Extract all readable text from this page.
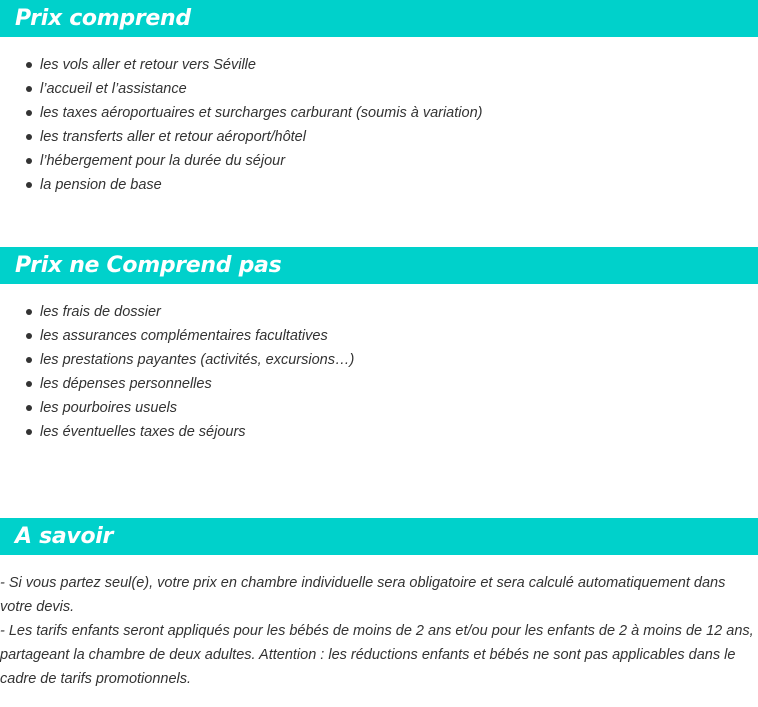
Prix comprend
les vols aller et retour vers Séville
l’accueil et l’assistance
les taxes aéroportuaires et surcharges carburant (soumis à variation)
les transferts aller et retour aéroport/hôtel
l’hébergement pour la durée du séjour
la pension de base
Prix ne Comprend pas
les frais de dossier
les assurances complémentaires facultatives
les prestations payantes (activités, excursions…)
les dépenses personnelles
les pourboires usuels
les éventuelles taxes de séjours
A savoir

- Si vous partez seul(e), votre prix en chambre individuelle sera obligatoire et sera calculé automatiquement dans votre devis.

- Les tarifs enfants seront appliqués pour les bébés de moins de 2 ans et/ou pour les enfants de 2 à moins de 12 ans, partageant la chambre de deux adultes. Attention : les réductions enfants et bébés ne sont pas applicables dans le cadre de tarifs promotionnels.
